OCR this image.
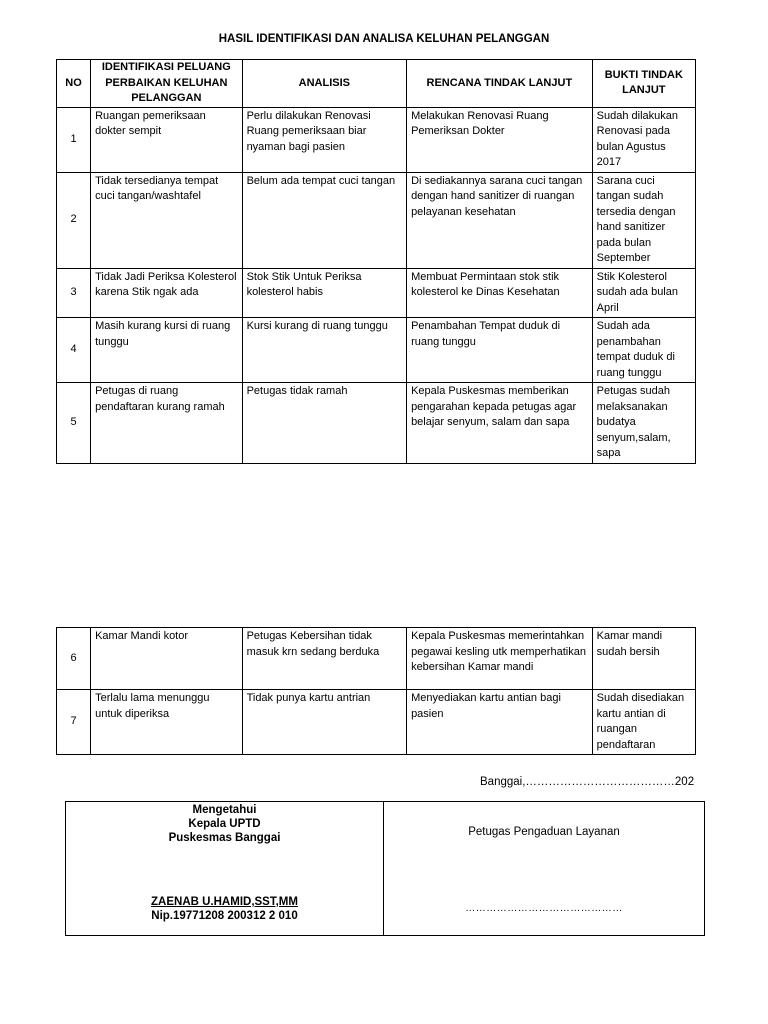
HASIL IDENTIFIKASI DAN ANALISA KELUHAN PELANGGAN
NO	IDENTIFIKASI PELUANG PERBAIKAN KELUHAN PELANGGAN	ANALISIS	RENCANA TINDAK LANJUT	BUKTI TINDAK LANJUT
1	Ruangan pemeriksaan dokter sempit	Perlu dilakukan Renovasi Ruang pemeriksaan biar nyaman bagi pasien	Melakukan Renovasi Ruang Pemeriksan Dokter	Sudah dilakukan Renovasi pada bulan Agustus 2017
2	Tidak tersedianya tempat cuci tangan/washtafel	Belum ada tempat cuci tangan	Di sediakannya sarana cuci tangan dengan hand sanitizer di ruangan pelayanan kesehatan	Sarana cuci tangan sudah tersedia dengan hand sanitizer pada bulan September
3	Tidak Jadi Periksa Kolesterol karena Stik ngak ada	Stok Stik Untuk Periksa kolesterol habis	Membuat Permintaan stok stik kolesterol ke Dinas Kesehatan	Stik Kolesterol sudah ada bulan April
4	Masih kurang kursi di ruang tunggu	Kursi kurang di ruang tunggu	Penambahan Tempat duduk di ruang tunggu	Sudah ada penambahan tempat duduk di ruang tunggu
5	Petugas di ruang pendaftaran kurang ramah	Petugas tidak ramah	Kepala Puskesmas memberikan pengarahan kepada petugas agar belajar senyum, salam dan sapa	Petugas sudah melaksanakan budatya senyum,salam, sapa
6	Kamar Mandi kotor	Petugas Kebersihan tidak masuk krn sedang berduka	Kepala Puskesmas memerintahkan pegawai kesling utk memperhatikan kebersihan Kamar mandi	Kamar mandi sudah bersih
7	Terlalu lama menunggu untuk diperiksa	Tidak punya kartu antrian	Menyediakan kartu antian bagi pasien	Sudah disediakan kartu antian di ruangan pendaftaran
Banggai,…………………………………202
Mengetahui
Kepala UPTD
Puskesmas Banggai
ZAENAB U.HAMID,SST,MM
Nip.19771208 200312 2 010

Petugas Pengaduan Layanan
………………………………………
